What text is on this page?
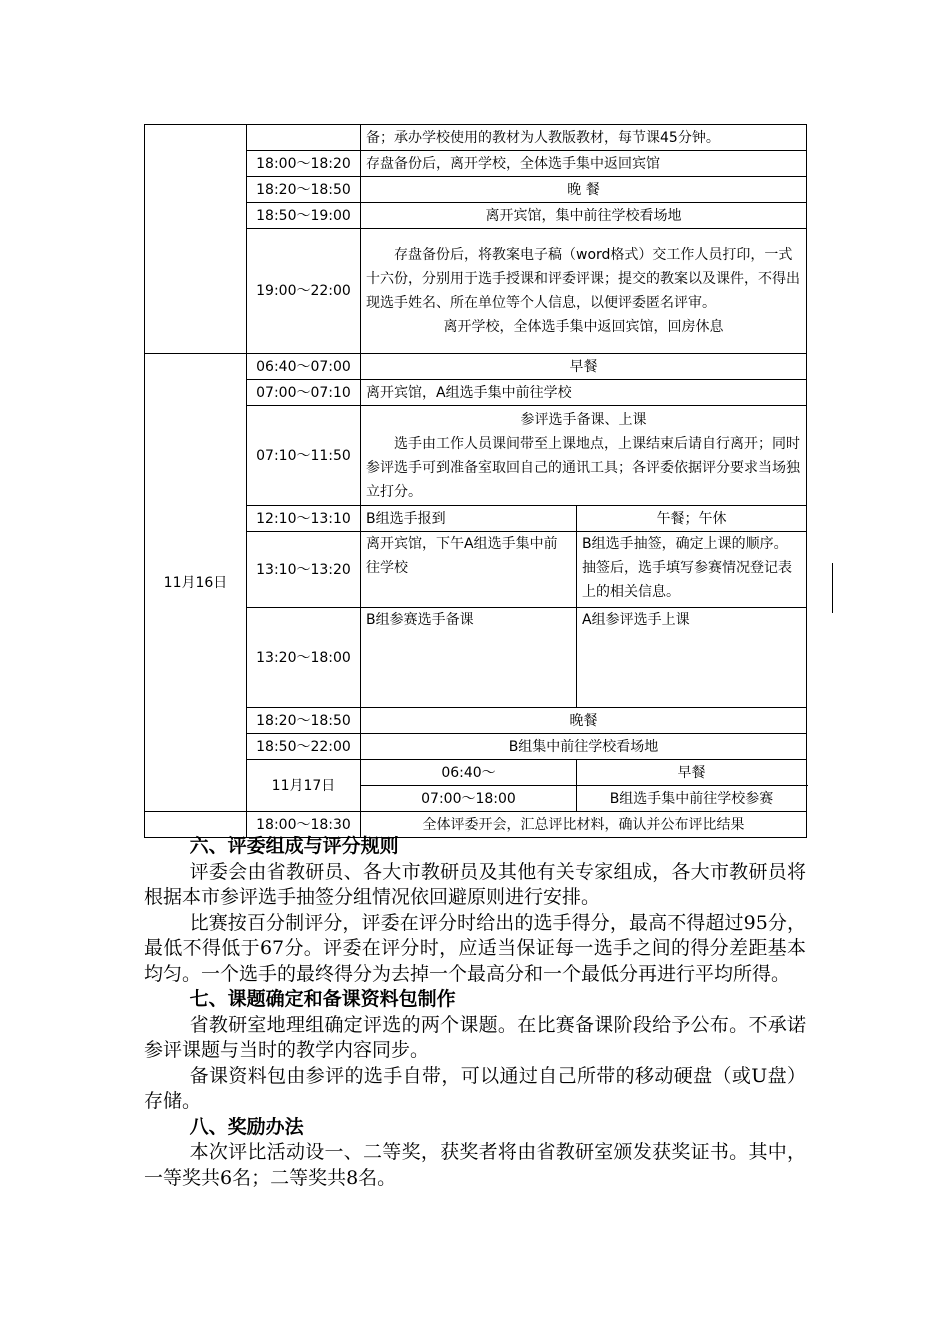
		备；承办学校使用的教材为人教版教材，每节课45分钟。	
	18:00～18:20	存盘备份后，离开学校，全体选手集中返回宾馆	
	18:20～18:50	晚 餐	
	18:50～19:00	离开宾馆，集中前往学校看场地	
	19:00～22:00	存盘备份后，将教案电子稿（word格式）交工作人员打印，一式十六份，分别用于选手授课和评委评课；提交的教案以及课件，不得出现选手姓名、所在单位等个人信息，以便评委匿名评审。
离开学校，全体选手集中返回宾馆，回房休息	

11月16日	06:40～07:00	早餐	
	07:00～07:10	离开宾馆，A组选手集中前往学校	
	07:10～11:50	参评选手备课、上课
选手由工作人员课间带至上课地点，上课结束后请自行离开；同时参评选手可到准备室取回自己的通讯工具；各评委依据评分要求当场独立打分。	

	12:10～13:10	B组选手报到	午餐；午休
	13:10～13:20	离开宾馆，下午A组选手集中前往学校	B组选手抽签，确定上课的顺序。抽签后，选手填写参赛情况登记表上的相关信息。
	13:20～18:00	B组参赛选手备课	A组参评选手上课
	18:20～18:50	晚餐	
	18:50～22:00	B组集中前往学校看场地	
	11月17日	06:40～	早餐
		07:00～18:00	B组选手集中前往学校参赛
	18:00～18:30	全体评委开会，汇总评比材料，确认并公布评比结果	
六、评委组成与评分规则

评委会由省教研员、各大市教研员及其他有关专家组成，各大市教研员将根据本市参评选手抽签分组情况依回避原则进行安排。

比赛按百分制评分，评委在评分时给出的选手得分，最高不得超过95分，最低不得低于67分。评委在评分时，应适当保证每一选手之间的得分差距基本均匀。一个选手的最终得分为去掉一个最高分和一个最低分再进行平均所得。

七、课题确定和备课资料包制作

省教研室地理组确定评选的两个课题。在比赛备课阶段给予公布。不承诺参评课题与当时的教学内容同步。

备课资料包由参评的选手自带，可以通过自己所带的移动硬盘（或U盘）存储。

八、奖励办法

本次评比活动设一、二等奖，获奖者将由省教研室颁发获奖证书。其中，一等奖共6名；二等奖共8名。
